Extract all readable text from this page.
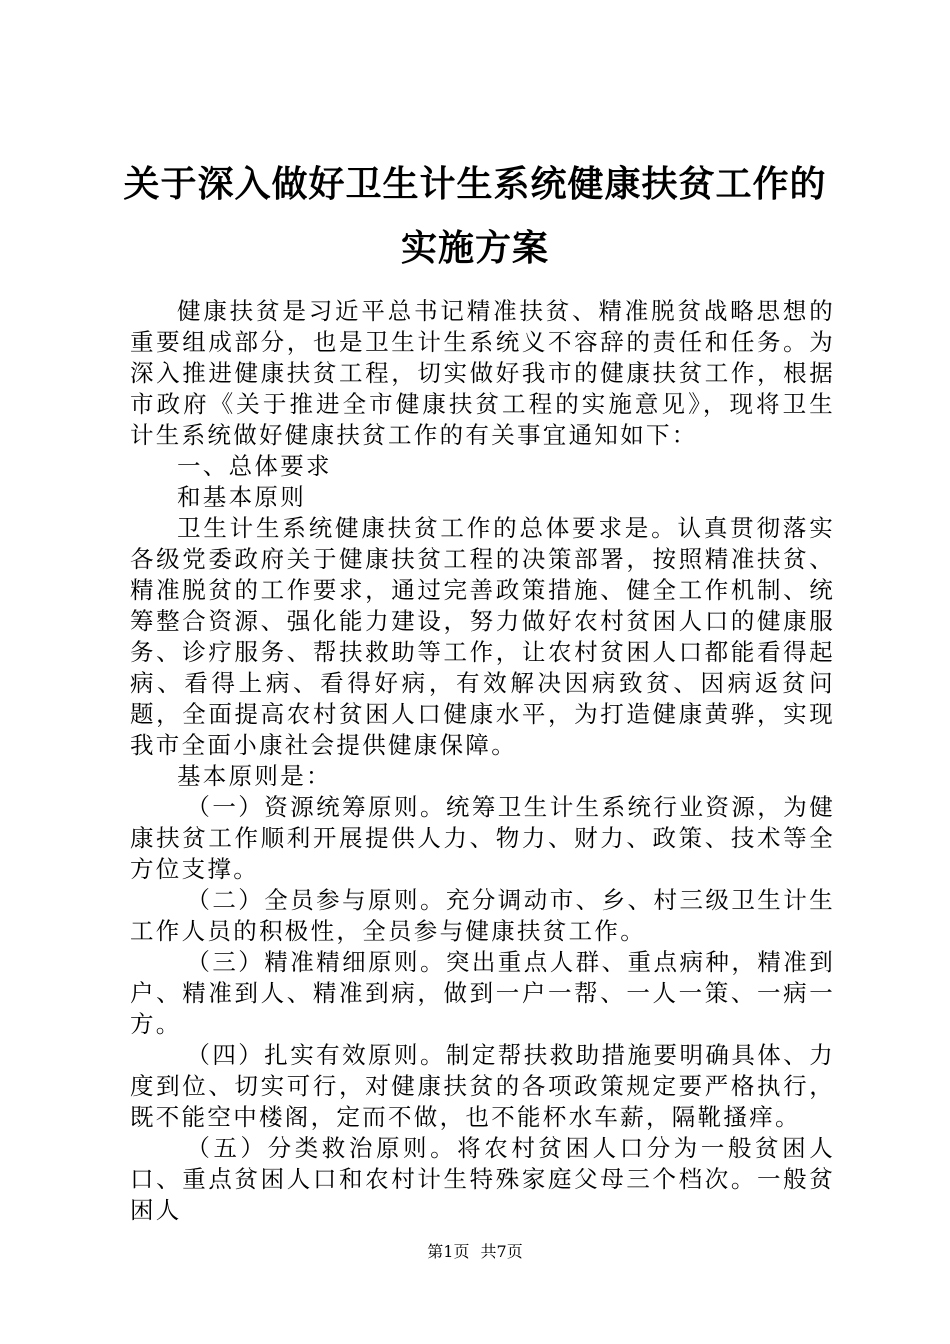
关于深入做好卫生计生系统健康扶贫工作的实施方案

健康扶贫是习近平总书记精准扶贫、精准脱贫战略思想的重要组成部分，也是卫生计生系统义不容辞的责任和任务。为深入推进健康扶贫工程，切实做好我市的健康扶贫工作，根据市政府《关于推进全市健康扶贫工程的实施意见》，现将卫生计生系统做好健康扶贫工作的有关事宜通知如下：

一、总体要求

和基本原则

卫生计生系统健康扶贫工作的总体要求是。认真贯彻落实各级党委政府关于健康扶贫工程的决策部署，按照精准扶贫、精准脱贫的工作要求，通过完善政策措施、健全工作机制、统筹整合资源、强化能力建设，努力做好农村贫困人口的健康服务、诊疗服务、帮扶救助等工作，让农村贫困人口都能看得起病、看得上病、看得好病，有效解决因病致贫、因病返贫问题，全面提高农村贫困人口健康水平，为打造健康黄骅，实现我市全面小康社会提供健康保障。

基本原则是：

（一）资源统筹原则。统筹卫生计生系统行业资源，为健康扶贫工作顺利开展提供人力、物力、财力、政策、技术等全方位支撑。

（二）全员参与原则。充分调动市、乡、村三级卫生计生工作人员的积极性，全员参与健康扶贫工作。

（三）精准精细原则。突出重点人群、重点病种，精准到户、精准到人、精准到病，做到一户一帮、一人一策、一病一方。

（四）扎实有效原则。制定帮扶救助措施要明确具体、力度到位、切实可行，对健康扶贫的各项政策规定要严格执行，既不能空中楼阁，定而不做，也不能杯水车薪，隔靴搔痒。

（五）分类救治原则。将农村贫困人口分为一般贫困人口、重点贫困人口和农村计生特殊家庭父母三个档次。一般贫困人

第1页 共7页
